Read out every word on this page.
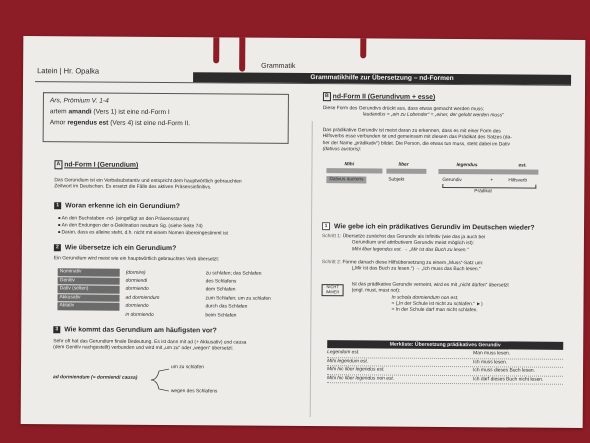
Latein | Hr. Opalka	Grammatik
Grammatikhilfe zur Übersetzung – nd-Formen
Ars, Prōmium V. 1-4
artem amandi (Vers 1) ist eine nd-Form I
Amor regendus est (Vers 4) ist eine nd-Form II.
A nd-Form I (Gerundium)
Das Gerundium ist ein Verbalsubstantiv und entspricht dem hauptwörtlich gebrauchten
Zeitwort im Deutschen. Es ersetzt die Fälle des aktiven Präsensinfinitivs.
1 Woran erkenne ich ein Gerundium?
■ An den Buchstaben -nd- (eingefügt an den Präsensstamm)
■ An den Endungen der o-Deklination neutrum Sg. (siehe Seite 74)
■ Daran, dass es alleine steht, d.h. nicht mit einem Nomen übereingestimmt ist
2 Wie übersetze ich ein Gerundium?
Ein Gerundium wird meist wie ein hauptwörtlich gebrauchtes Verb übersetzt:
Nominativ	(dormire)	zu schlafen; das Schlafen
Genitiv	dormiendi	des Schlafens
Dativ (selten)	dormiendo	dem Schlafen
Akkusativ	ad dormiendum	zum Schlafen; um zu schlafen
Ablativ	dormiendo	durch das Schlafen
in dormiendo	beim Schlafen
3 Wie kommt das Gerundium am häufigsten vor?
Sehr oft hat das Gerundium finale Bedeutung. Es ist dann mit ad (+ Akkusativ) und causa
(dem Genitiv nachgestellt) verbunden und wird mit „um zu“ oder „wegen“ übersetzt:
ad dormiendum (= dormiendi causa)
um zu schlafen
wegen des Schlafens
B nd-Form II (Gerundivum + esse)
Diese Form des Gerundivs drückt aus, dass etwas gemacht werden muss:
laudandus = „ein zu Lobender“ = „einer, der gelobt werden muss“
Das prädikative Gerundiv ist meist daran zu erkennen, dass es mit einer Form des
Hilfsverbs esse verbunden ist und gemeinsam mit diesem das Prädikat des Satzes (da-
her der Name „prädikativ“) bildet. Die Person, die etwas tun muss, steht dabei im Dativ
(dativus auctoris):
Mihi	liber	legendus	est.
Dativus auctoris	Subjekt	Gerundiv	+	Hilfsverb
Prädikat
1 Wie gebe ich ein prädikatives Gerundiv im Deutschen wieder?
Schritt 1: Übersetze zunächst das Gerundiv als Infinitiv (wie das ja auch bei
Gerundium und attributivem Gerundiv meist möglich ist):
Mihi liber legendus est. → „Mir ist das Buch zu lesen.“
Schritt 2: Forme danach diese Hilfsübersetzung zu einem „Muss“-Satz um:
(„Mir ist das Buch zu lesen.“) → „Ich muss das Buch lesen.“
NICHT IMMER
Ist das prädikative Gerundiv verneint, wird es mit „nicht dürfen“ übersetzt
(engl. must, must not):
In schola dormiendum non est.
= („In der Schule ist nicht zu schlafen.“ ►)
= In der Schule darf man nicht schlafen.
Merkliste: Übersetzung prädikatives Gerundiv
Legendum est.	Man muss lesen.
Mihi legendum est.	Ich muss lesen.
Mihi hic liber legendus est.	Ich muss dieses Buch lesen.
Mihi hic liber legendus non est.	Ich darf dieses Buch nicht lesen.
